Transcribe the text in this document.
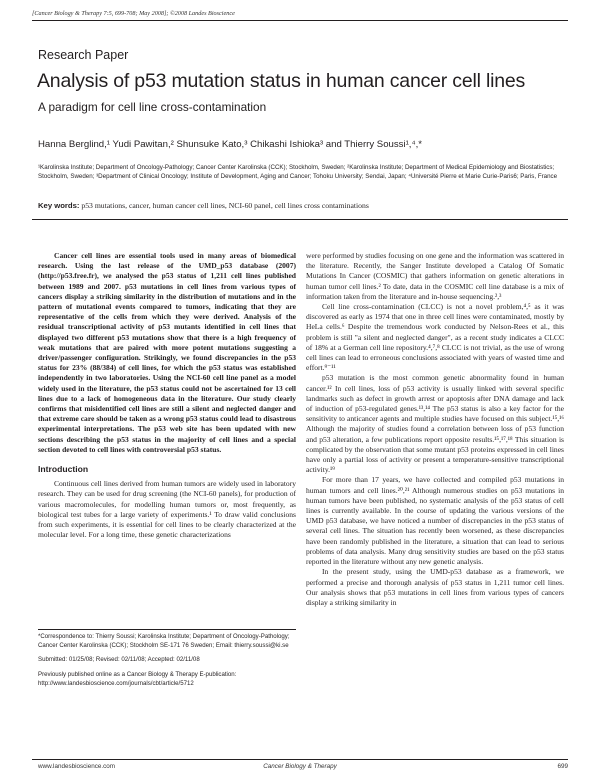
[Cancer Biology & Therapy 7:5, 699-708; May 2008]; ©2008 Landes Bioscience
Research Paper
Analysis of p53 mutation status in human cancer cell lines
A paradigm for cell line cross-contamination
Hanna Berglind,¹ Yudi Pawitan,² Shunsuke Kato,³ Chikashi Ishioka³ and Thierry Soussi¹,⁴,*
¹Karolinska Institute; Department of Oncology-Pathology; Cancer Center Karolinska (CCK); Stockholm, Sweden; ²Karolinska Institute; Department of Medical Epidemiology and Biostatistics; Stockholm, Sweden; ³Department of Clinical Oncology; Institute of Development, Aging and Cancer; Tohoku University; Sendai, Japan; ⁴Université Pierre et Marie Curie-Paris6; Paris, France
Key words: p53 mutations, cancer, human cancer cell lines, NCI-60 panel, cell lines cross contaminations

Cancer cell lines are essential tools used in many areas of biomedical research. Using the last release of the UMD_p53 database (2007) (http://p53.free.fr), we analysed the p53 status of 1,211 cell lines published between 1989 and 2007. p53 mutations in cell lines from various types of cancers display a striking similarity in the distribution of mutations and in the pattern of mutational events compared to tumors, indicating that they are representative of the cells from which they were derived. Analysis of the residual transcriptional activity of p53 mutants identified in cell lines that displayed two different p53 mutations show that there is a high frequency of weak mutations that are paired with more potent mutations suggesting a driver/passenger configuration. Strikingly, we found discrepancies in the p53 status for 23% (88/384) of cell lines, for which the p53 status was established independently in two laboratories. Using the NCI-60 cell line panel as a model widely used in the literature, the p53 status could not be ascertained for 13 cell lines due to a lack of homogeneous data in the literature. Our study clearly confirms that misidentified cell lines are still a silent and neglected danger and that extreme care should be taken as a wrong p53 status could lead to disastrous experimental interpretations. The p53 web site has been updated with new sections describing the p53 status in the majority of cell lines and a special section devoted to cell lines with controversial p53 status.

Introduction

Continuous cell lines derived from human tumors are widely used in laboratory research. They can be used for drug screening (the NCI-60 panels), for production of various macromolecules, for modelling human tumors or, most frequently, as biological test tubes for a large variety of experiments.¹ To draw valid conclusions from such experiments, it is essential for cell lines to be clearly characterized at the molecular level. For a long time, these genetic characterizations

were performed by studies focusing on one gene and the information was scattered in the literature. Recently, the Sanger Institute developed a Catalog Of Somatic Mutations In Cancer (COSMIC) that gathers information on genetic alterations in human tumor cell lines.² To date, data in the COSMIC cell line database is a mix of information taken from the literature and in-house sequencing.²,³

Cell line cross-contamination (CLCC) is not a novel problem,⁴,⁵ as it was discovered as early as 1974 that one in three cell lines were contaminated, mostly by HeLa cells.⁶ Despite the tremendous work conducted by Nelson-Rees et al., this problem is still "a silent and neglected danger", as a recent study indicates a CLCC of 18% at a German cell line repository.⁴,⁷,⁸ CLCC is not trivial, as the use of wrong cell lines can lead to erroneous conclusions associated with years of wasted time and effort.⁹⁻¹¹

p53 mutation is the most common genetic abnormality found in human cancer.¹² In cell lines, loss of p53 activity is usually linked with several specific landmarks such as defect in growth arrest or apoptosis after DNA damage and lack of induction of p53-regulated genes.¹³,¹⁴ The p53 status is also a key factor for the sensitivity to anticancer agents and multiple studies have focused on this subject.¹⁵,¹⁶ Although the majority of studies found a correlation between loss of p53 function and p53 alteration, a few publications report opposite results.¹⁵,¹⁷,¹⁸ This situation is complicated by the observation that some mutant p53 proteins expressed in cell lines have only a partial loss of activity or present a temperature-sensitive transcriptional activity.¹⁹

For more than 17 years, we have collected and compiled p53 mutations in human tumors and cell lines.²⁰,²¹ Although numerous studies on p53 mutations in human tumors have been published, no systematic analysis of the p53 status of cell lines is currently available. In the course of updating the various versions of the UMD p53 database, we have noticed a number of discrepancies in the p53 status of several cell lines. The situation has recently been worsened, as these discrepancies have been randomly published in the literature, a situation that can lead to serious problems of data analysis. Many drug sensitivity studies are based on the p53 status reported in the literature without any new genetic analysis.

In the present study, using the UMD-p53 database as a framework, we performed a precise and thorough analysis of p53 status in 1,211 tumor cell lines. Our analysis shows that p53 mutations in cell lines from various types of cancers display a striking similarity in

*Correspondence to: Thierry Soussi; Karolinska Institute; Department of Oncology-Pathology; Cancer Center Karolinska (CCK); Stockholm SE-171 76 Sweden; Email: thierry.soussi@ki.se

Submitted: 01/25/08; Revised: 02/11/08; Accepted: 02/11/08

Previously published online as a Cancer Biology & Therapy E-publication: http://www.landesbioscience.com/journals/cbt/article/5712

www.landesbioscience.com	Cancer Biology & Therapy	699
